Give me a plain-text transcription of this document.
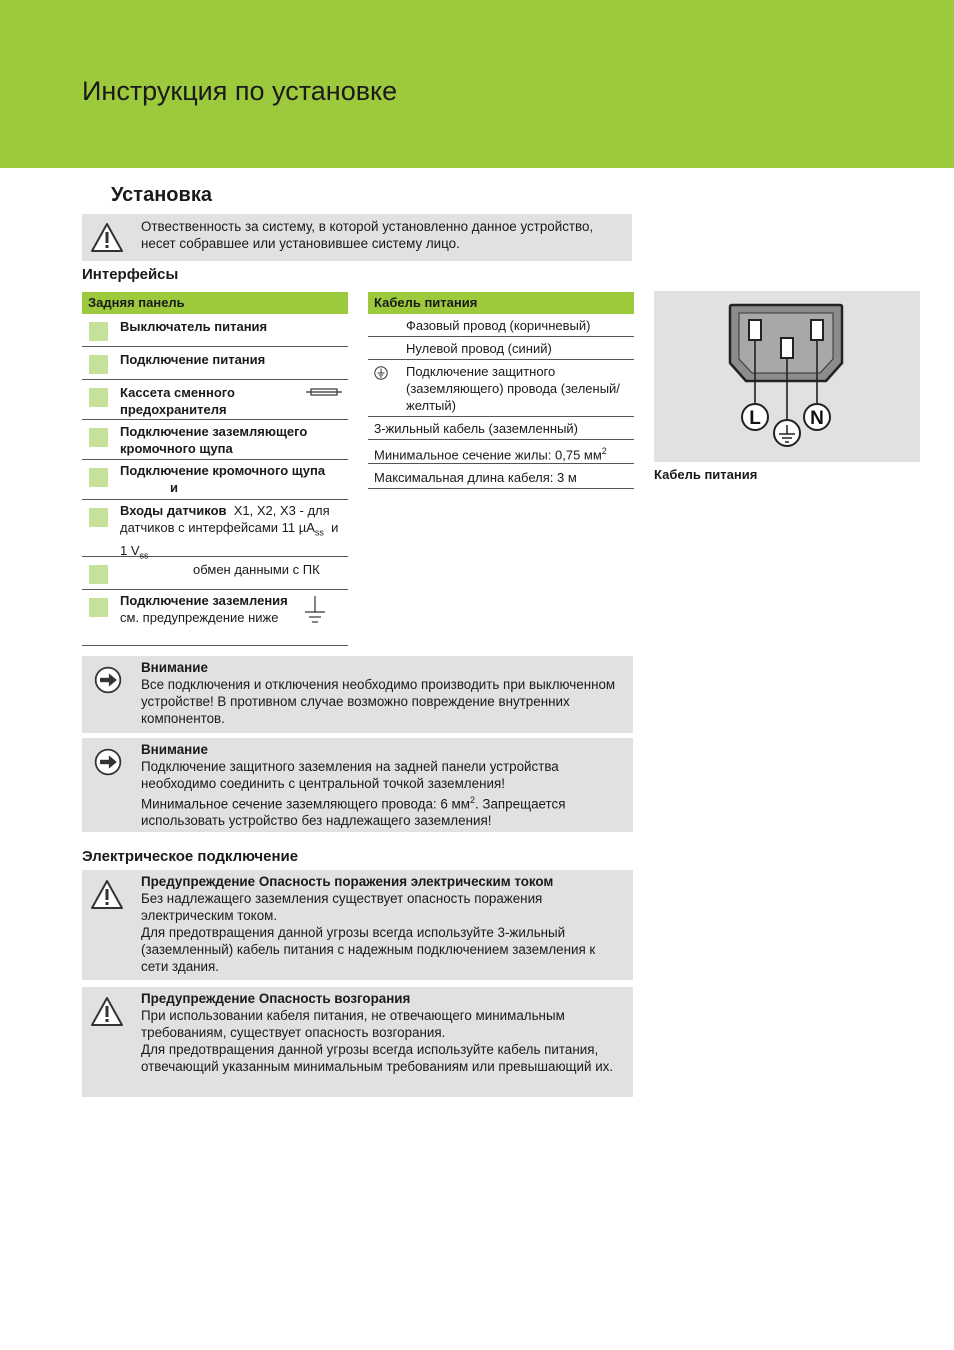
Инструкция по установке
Установка

Отвественность за систему, в которой установленно данное устройство, несет собравшее или установившее систему лицо.

Интерфейсы
Задняя панель
Выключатель питания
Подключение питания
Кассета сменного предохранителя
Подключение заземляющего кромочного щупа
Подключение кромочного щупа
и
Входы датчиков X1, X2, X3 - для датчиков с интерфейсами 11 µA$_{ss}$ и 1 $V_{ss}$
обмен данными с ПК
Подключение заземления см. предупреждение ниже
Кабель питания
Фазовый провод (коричневый)
Нулевой провод (синий)
Подключение защитного (заземляющего) провода (зеленый/желтый)
3-жильный кабель (заземленный)
Минимальное сечение жилы: 0,75 $мм^2$
Максимальная длина кабеля: 3 м
L	N
Кабель питания

Внимание

Все подключения и отключения необходимо производить при выключенном устройстве! В противном случае возможно повреждение внутренних компонентов.

Внимание

Подключение защитного заземления на задней панели устройства необходимо соединить с центральной точкой заземления!

Минимальное сечение заземляющего провода: 6 $мм^2$. Запрещается использовать устройство без надлежащего заземления!

Электрическое подключение

Предупреждение Опасность поражения электрическим током

Без надлежащего заземления существует опасность поражения электрическим током.

Для предотвращения данной угрозы всегда используйте 3-жильный (заземленный) кабель питания с надежным подключением заземления к сети здания.

Предупреждение Опасность возгорания

При использовании кабеля питания, не отвечающего минимальным требованиям, существует опасность возгорания.

Для предотвращения данной угрозы всегда используйте кабель питания, отвечающий указанным минимальным требованиям или превышающий их.
